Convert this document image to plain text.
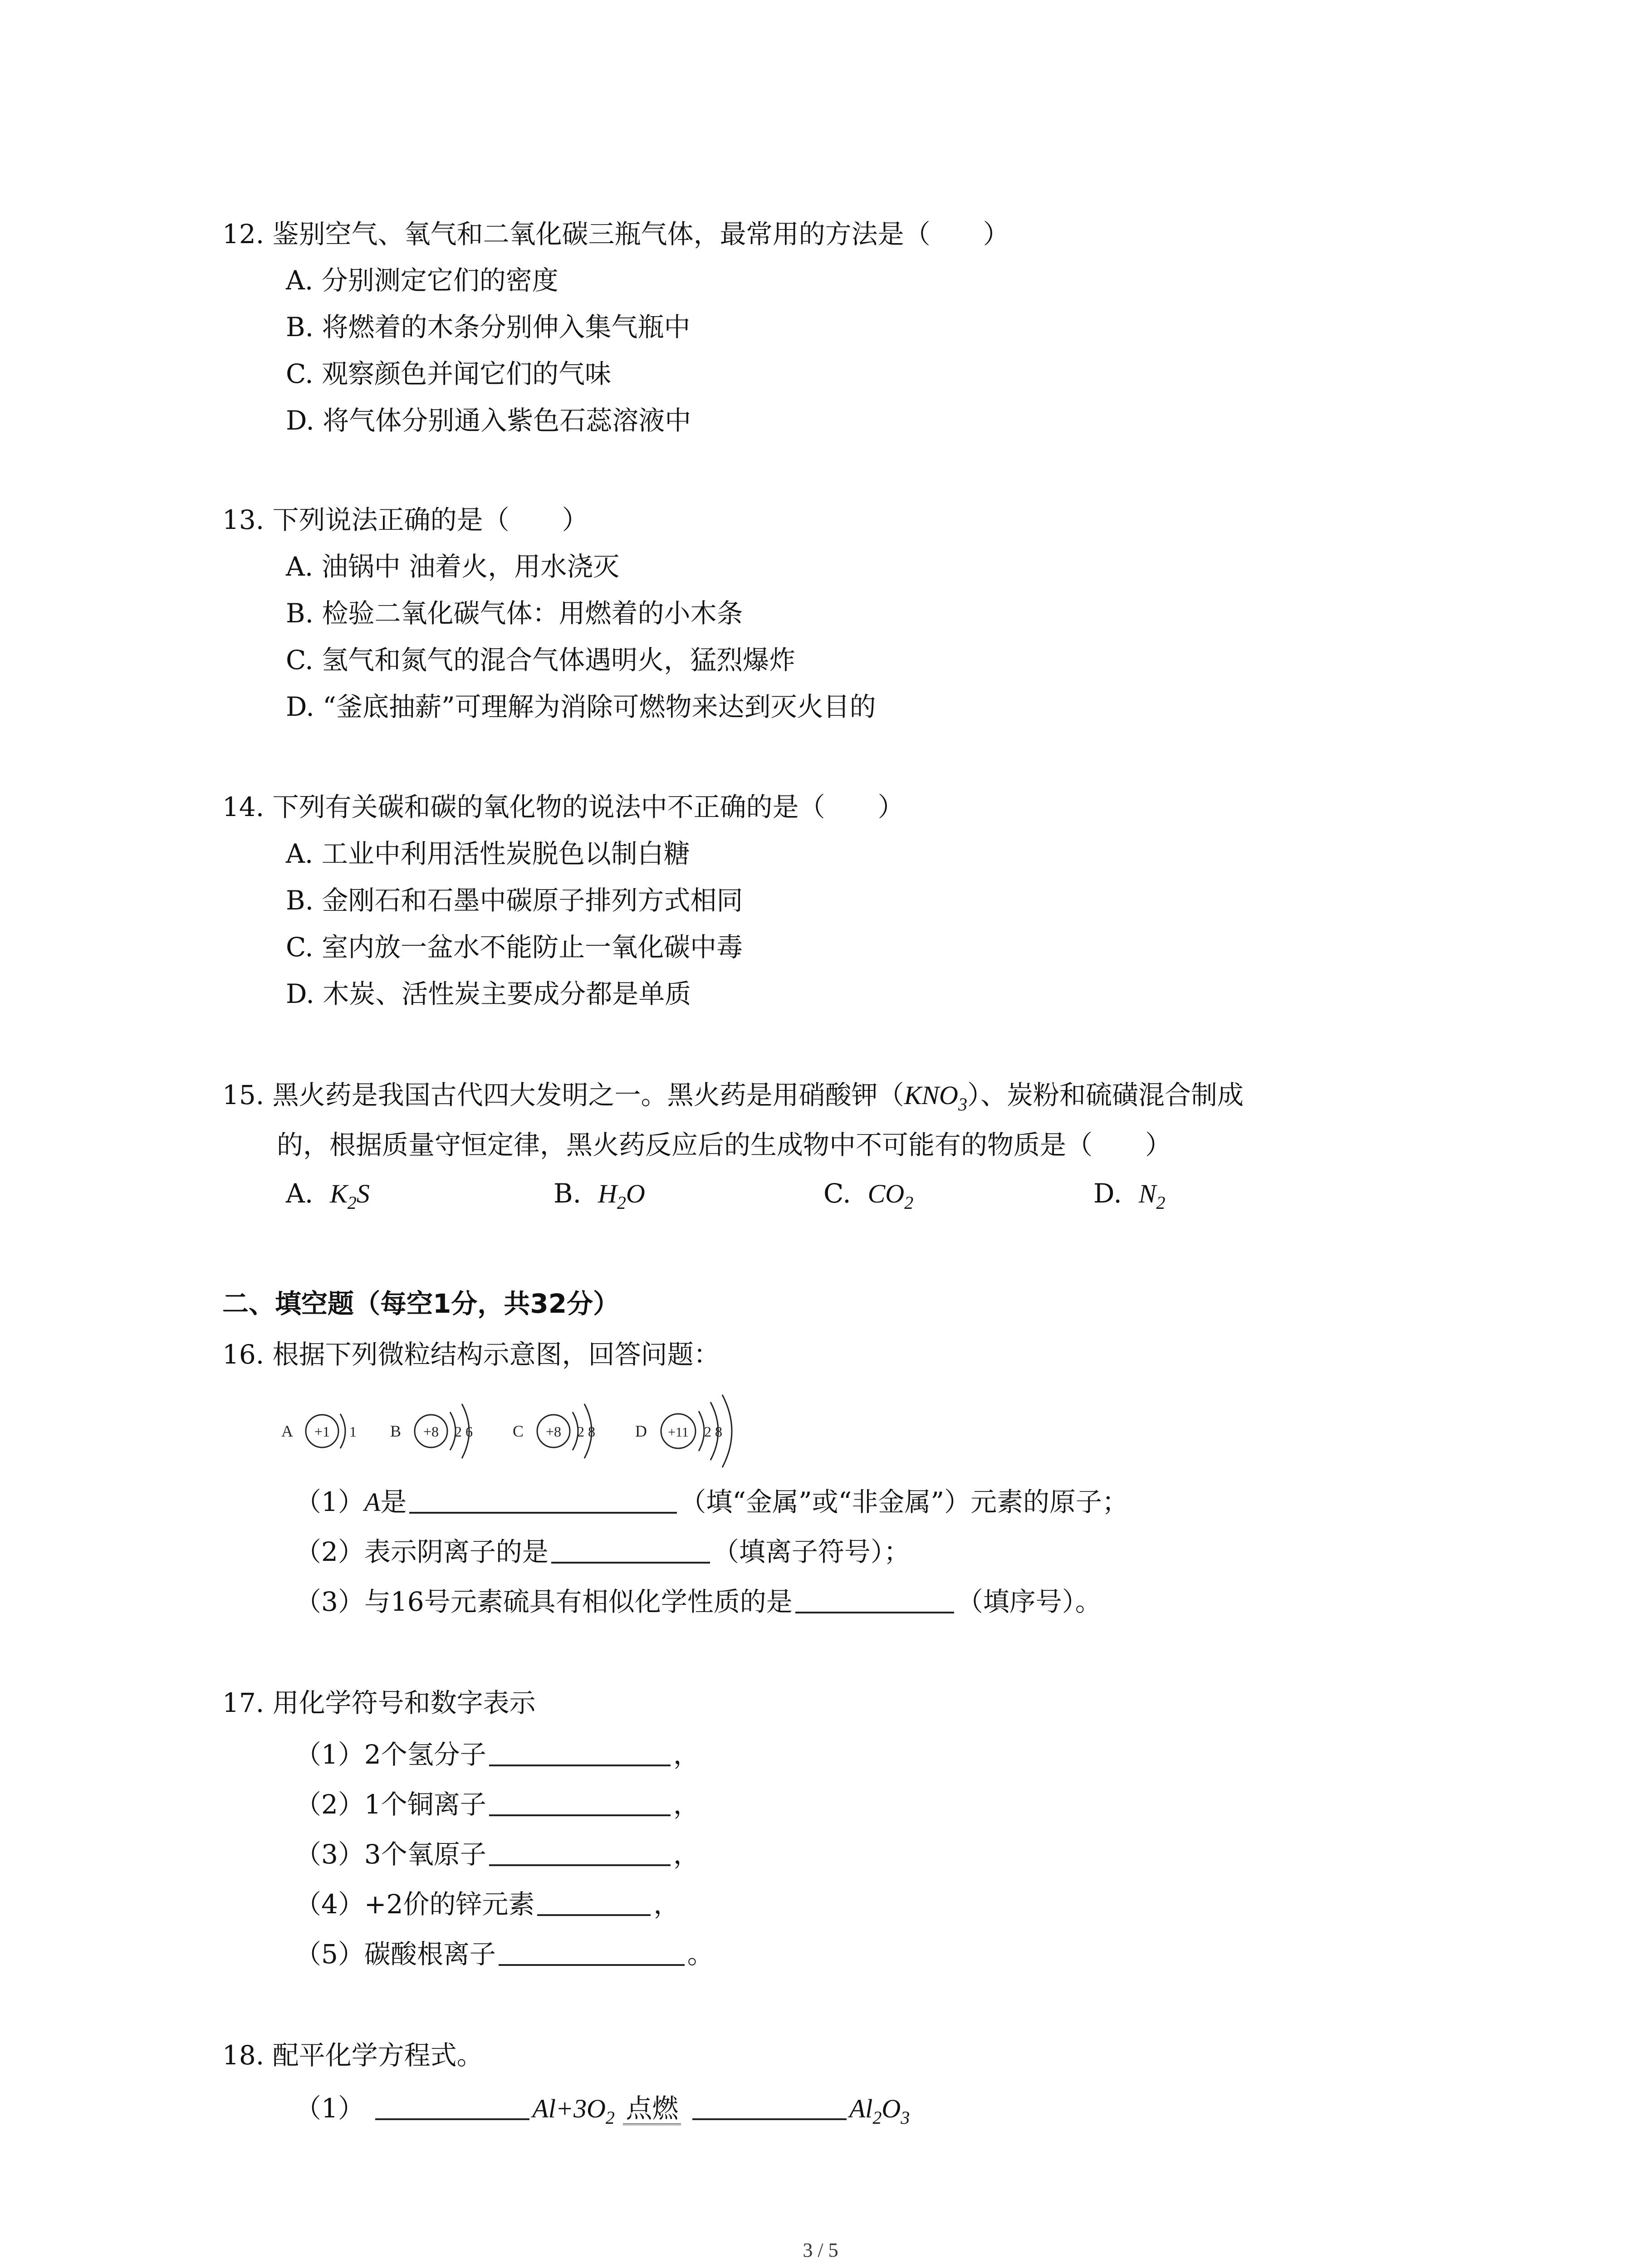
12. 鉴别空气、氧气和二氧化碳三瓶气体，最常用的方法是（　　）
A. 分别测定它们的密度
B. 将燃着的木条分别伸入集气瓶中
C. 观察颜色并闻它们的气味
D. 将气体分别通入紫色石蕊溶液中
13. 下列说法正确的是（　　）
A. 油锅中 油着火，用水浇灭
B. 检验二氧化碳气体：用燃着的小木条
C. 氢气和氮气的混合气体遇明火，猛烈爆炸
D. “釜底抽薪”可理解为消除可燃物来达到灭火目的
14. 下列有关碳和碳的氧化物的说法中不正确的是（　　）
A. 工业中利用活性炭脱色以制白糖
B. 金刚石和石墨中碳原子排列方式相同
C. 室内放一盆水不能防止一氧化碳中毒
D. 木炭、活性炭主要成分都是单质
15. 黑火药是我国古代四大发明之一。黑火药是用硝酸钾$(KNO_3)$、炭粉和硫磺混合制成
的，根据质量守恒定律，黑火药反应后的生成物中不可能有的物质是（　　）
A. $K_2S$	B. $H_2O$	C. $CO_2$	D. $N_2$
二、填空题（每空1分，共32分）
16. 根据下列微粒结构示意图，回答问题：
A +1 1 B +8 2 6 C +8 2 8 D +11 2 8
（1）A是	（填“金属”或“非金属”）元素的原子；
（2）表示阴离子的是	（填离子符号）；
（3）与16号元素硫具有相似化学性质的是	（填序号）。
17. 用化学符号和数字表示
（1）2个氢分子	，
（2）1个铜离子	，
（3）3个氧原子	，
（4）+2价的锌元素	，
（5）碳酸根离子	。
18. 配平化学方程式。
（1）	$Al+3O_2$ 点燃	$Al_2O_3$
3 / 5
